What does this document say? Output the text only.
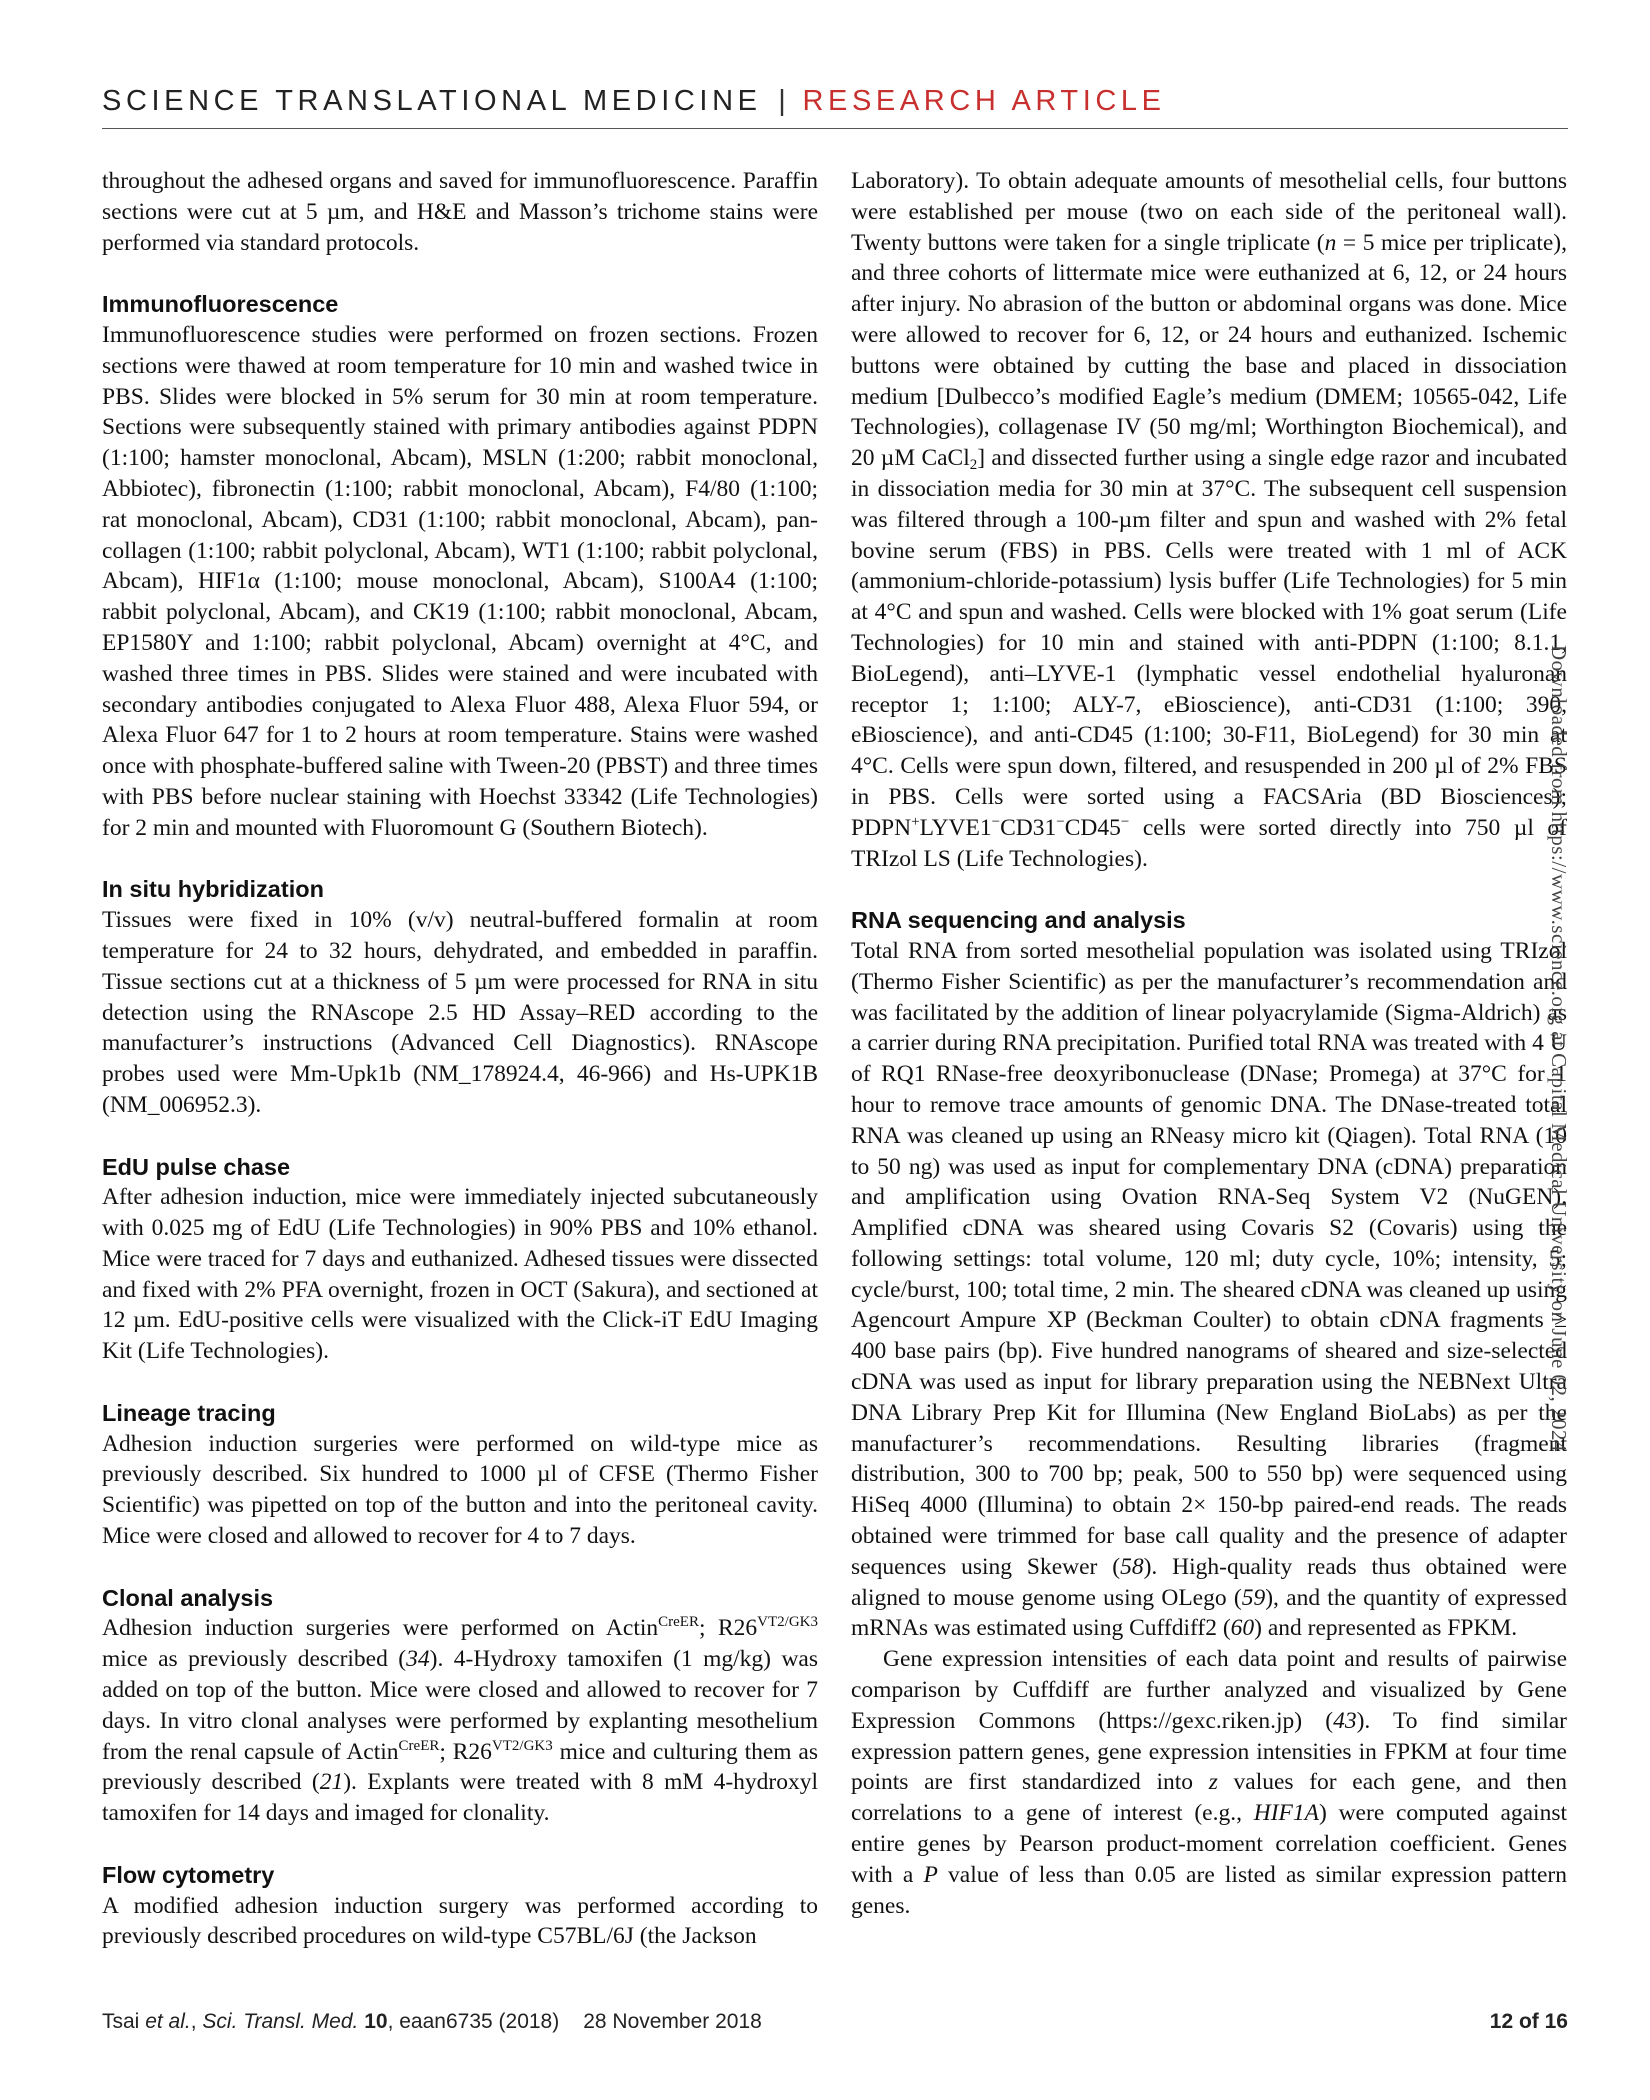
SCIENCE TRANSLATIONAL MEDICINE | RESEARCH ARTICLE

throughout the adhesed organs and saved for immunofluorescence. Paraffin sections were cut at 5 µm, and H&E and Masson’s trichome stains were performed via standard protocols.

Immunofluorescence

Immunofluorescence studies were performed on frozen sections. Frozen sections were thawed at room temperature for 10 min and washed twice in PBS. Slides were blocked in 5% serum for 30 min at room temperature. Sections were subsequently stained with primary antibodies against PDPN (1:100; hamster monoclonal, Abcam), MSLN (1:200; rabbit monoclonal, Abbiotec), fibronectin (1:100; rabbit monoclonal, Abcam), F4/80 (1:100; rat monoclonal, Abcam), CD31 (1:100; rabbit monoclonal, Abcam), pan-collagen (1:100; rabbit polyclonal, Abcam), WT1 (1:100; rabbit polyclonal, Abcam), HIF1α (1:100; mouse monoclonal, Abcam), S100A4 (1:100; rabbit polyclonal, Abcam), and CK19 (1:100; rabbit monoclonal, Abcam, EP1580Y and 1:100; rabbit polyclonal, Abcam) overnight at 4°C, and washed three times in PBS. Slides were stained and were incubated with secondary antibodies conjugated to Alexa Fluor 488, Alexa Fluor 594, or Alexa Fluor 647 for 1 to 2 hours at room temperature. Stains were washed once with phosphate-buffered saline with Tween-20 (PBST) and three times with PBS before nuclear staining with Hoechst 33342 (Life Technologies) for 2 min and mounted with Fluoromount G (Southern Biotech).

In situ hybridization

Tissues were fixed in 10% (v/v) neutral-buffered formalin at room temperature for 24 to 32 hours, dehydrated, and embedded in paraffin. Tissue sections cut at a thickness of 5 µm were processed for RNA in situ detection using the RNAscope 2.5 HD Assay–RED according to the manufacturer’s instructions (Advanced Cell Diagnostics). RNAscope probes used were Mm-Upk1b (NM_178924.4, 46-966) and Hs-UPK1B (NM_006952.3).

EdU pulse chase

After adhesion induction, mice were immediately injected subcutaneously with 0.025 mg of EdU (Life Technologies) in 90% PBS and 10% ethanol. Mice were traced for 7 days and euthanized. Adhesed tissues were dissected and fixed with 2% PFA overnight, frozen in OCT (Sakura), and sectioned at 12 µm. EdU-positive cells were visualized with the Click-iT EdU Imaging Kit (Life Technologies).

Lineage tracing

Adhesion induction surgeries were performed on wild-type mice as previously described. Six hundred to 1000 µl of CFSE (Thermo Fisher Scientific) was pipetted on top of the button and into the peritoneal cavity. Mice were closed and allowed to recover for 4 to 7 days.

Clonal analysis

Adhesion induction surgeries were performed on Actin$^{CreER}$; $R26^{VT2/GK3}$ mice as previously described (34). 4-Hydroxy tamoxifen (1 mg/kg) was added on top of the button. Mice were closed and allowed to recover for 7 days. In vitro clonal analyses were performed by explanting mesothelium from the renal capsule of Actin$^{CreER}$; $R26^{VT2/GK3}$ mice and culturing them as previously described (21). Explants were treated with 8 mM 4-hydroxyl tamoxifen for 14 days and imaged for clonality.

Flow cytometry

A modified adhesion induction surgery was performed according to previously described procedures on wild-type C57BL/6J (the Jackson

Laboratory). To obtain adequate amounts of mesothelial cells, four buttons were established per mouse (two on each side of the peritoneal wall). Twenty buttons were taken for a single triplicate (n = 5 mice per triplicate), and three cohorts of littermate mice were euthanized at 6, 12, or 24 hours after injury. No abrasion of the button or abdominal organs was done. Mice were allowed to recover for 6, 12, or 24 hours and euthanized. Ischemic buttons were obtained by cutting the base and placed in dissociation medium [Dulbecco’s modified Eagle’s medium (DMEM; 10565-042, Life Technologies), collagenase IV (50 mg/ml; Worthington Biochemical), and 20 µM CaCl$_2$] and dissected further using a single edge razor and incubated in dissociation media for 30 min at 37°C. The subsequent cell suspension was filtered through a 100-µm filter and spun and washed with 2% fetal bovine serum (FBS) in PBS. Cells were treated with 1 ml of ACK (ammonium-chloride-potassium) lysis buffer (Life Technologies) for 5 min at 4°C and spun and washed. Cells were blocked with 1% goat serum (Life Technologies) for 10 min and stained with anti-PDPN (1:100; 8.1.1, BioLegend), anti–LYVE-1 (lymphatic vessel endothelial hyaluronan receptor 1; 1:100; ALY-7, eBioscience), anti-CD31 (1:100; 390, eBioscience), and anti-CD45 (1:100; 30-F11, BioLegend) for 30 min at 4°C. Cells were spun down, filtered, and resuspended in 200 µl of 2% FBS in PBS. Cells were sorted using a FACSAria (BD Biosciences); PDPN+LYVE1−CD31−CD45− cells were sorted directly into 750 µl of TRIzol LS (Life Technologies).

RNA sequencing and analysis

Total RNA from sorted mesothelial population was isolated using TRIzol (Thermo Fisher Scientific) as per the manufacturer’s recommendation and was facilitated by the addition of linear polyacrylamide (Sigma-Aldrich) as a carrier during RNA precipitation. Purified total RNA was treated with 4 U of RQ1 RNase-free deoxyribonuclease (DNase; Promega) at 37°C for 1 hour to remove trace amounts of genomic DNA. The DNase-treated total RNA was cleaned up using an RNeasy micro kit (Qiagen). Total RNA (10 to 50 ng) was used as input for complementary DNA (cDNA) preparation and amplification using Ovation RNA-Seq System V2 (NuGEN). Amplified cDNA was sheared using Covaris S2 (Covaris) using the following settings: total volume, 120 ml; duty cycle, 10%; intensity, 5; cycle/burst, 100; total time, 2 min. The sheared cDNA was cleaned up using Agencourt Ampure XP (Beckman Coulter) to obtain cDNA fragments ≥ 400 base pairs (bp). Five hundred nanograms of sheared and size-selected cDNA was used as input for library preparation using the NEBNext Ultra DNA Library Prep Kit for Illumina (New England BioLabs) as per the manufacturer’s recommendations. Resulting libraries (fragment distribution, 300 to 700 bp; peak, 500 to 550 bp) were sequenced using HiSeq 4000 (Illumina) to obtain 2× 150-bp paired-end reads. The reads obtained were trimmed for base call quality and the presence of adapter sequences using Skewer (58). High-quality reads thus obtained were aligned to mouse genome using OLego (59), and the quantity of expressed mRNAs was estimated using Cuffdiff2 (60) and represented as FPKM.

Gene expression intensities of each data point and results of pairwise comparison by Cuffdiff are further analyzed and visualized by Gene Expression Commons (https://gexc.riken.jp) (43). To find similar expression pattern genes, gene expression intensities in FPKM at four time points are first standardized into z values for each gene, and then correlations to a gene of interest (e.g., HIF1A) were computed against entire genes by Pearson product-moment correlation coefficient. Genes with a P value of less than 0.05 are listed as similar expression pattern genes.

Downloaded from https://www.science.org at Capital Medical University on June 02, 2024
Tsai et al., Sci. Transl. Med. 10, eaan6735 (2018) 28 November 2018	12 of 16
